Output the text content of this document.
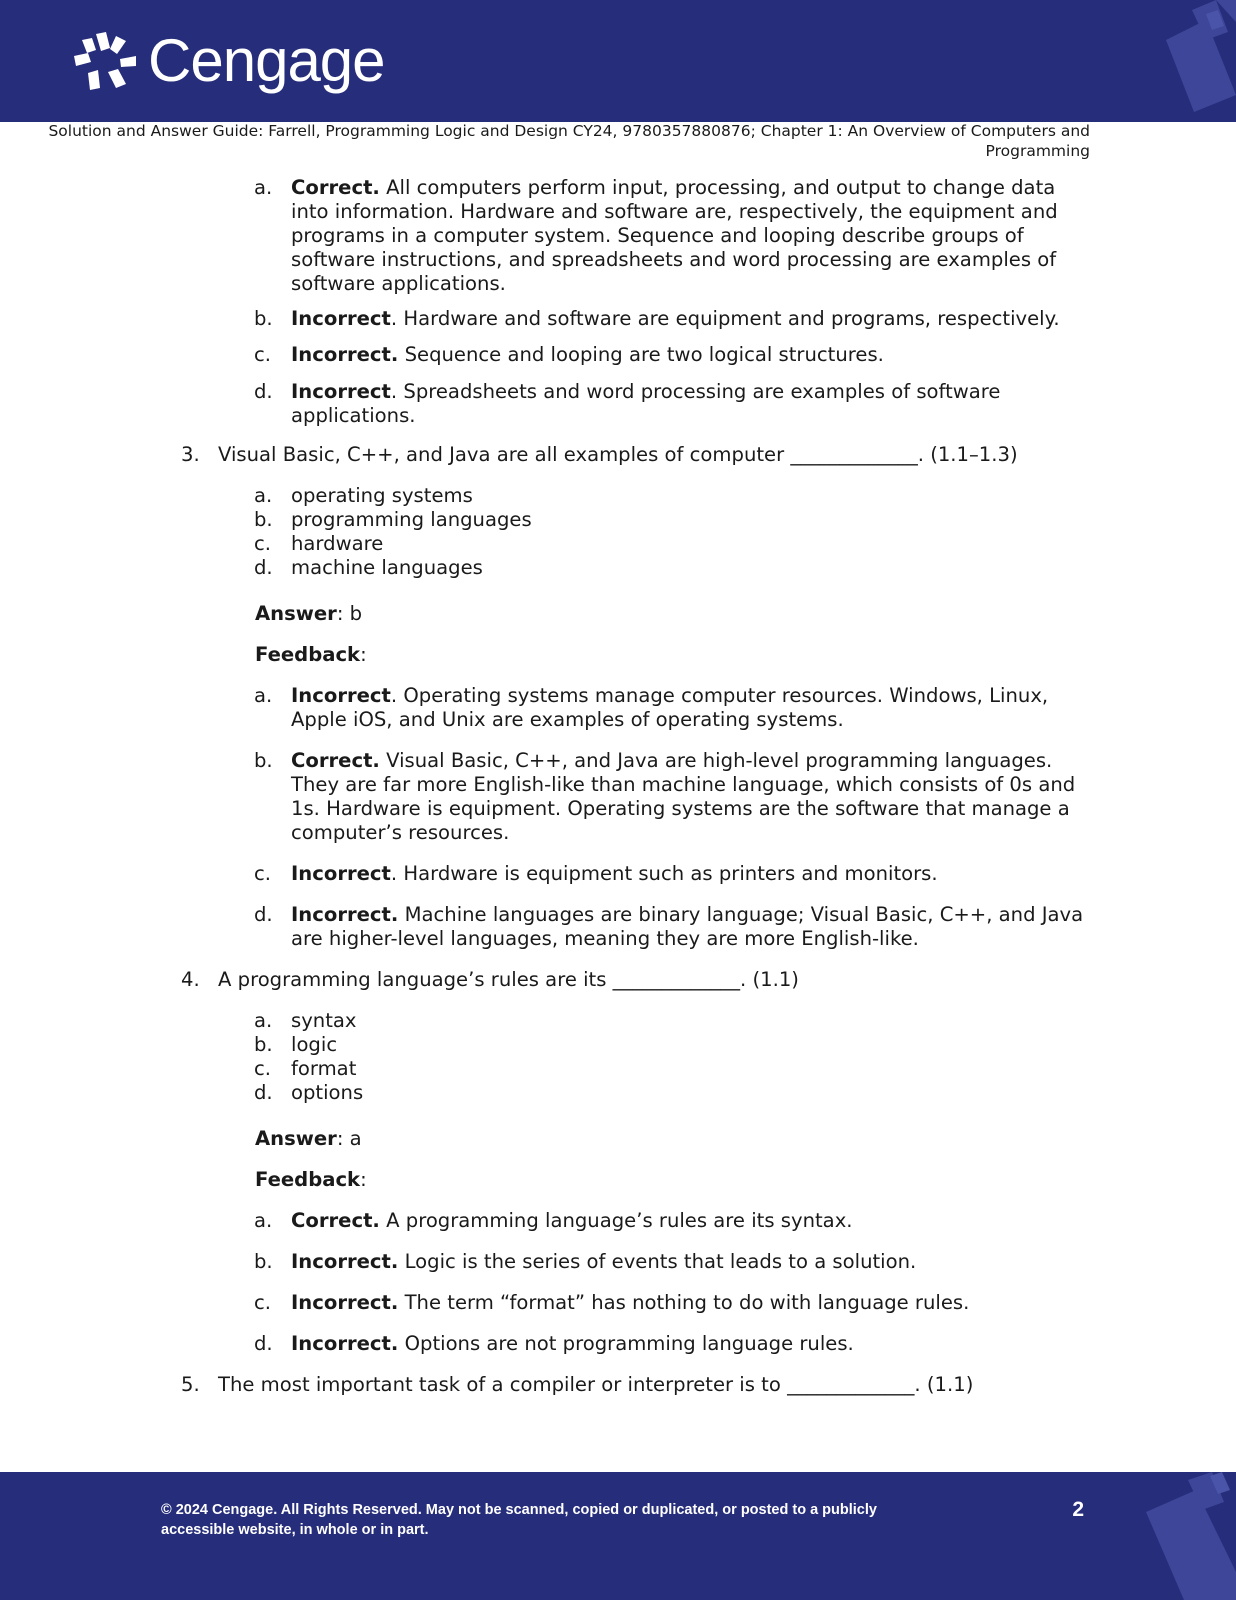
Cengage
Solution and Answer Guide: Farrell, Programming Logic and Design CY24, 9780357880876; Chapter 1: An Overview of Computers and Programming
a. Correct. All computers perform input, processing, and output to change data into information. Hardware and software are, respectively, the equipment and programs in a computer system. Sequence and looping describe groups of software instructions, and spreadsheets and word processing are examples of software applications.
b. Incorrect. Hardware and software are equipment and programs, respectively.
c. Incorrect. Sequence and looping are two logical structures.
d. Incorrect. Spreadsheets and word processing are examples of software applications.
3. Visual Basic, C++, and Java are all examples of computer _____________. (1.1–1.3)
a. operating systems
b. programming languages
c. hardware
d. machine languages
Answer: b
Feedback:
a. Incorrect. Operating systems manage computer resources. Windows, Linux, Apple iOS, and Unix are examples of operating systems.
b. Correct. Visual Basic, C++, and Java are high-level programming languages. They are far more English-like than machine language, which consists of 0s and 1s. Hardware is equipment. Operating systems are the software that manage a computer’s resources.
c. Incorrect. Hardware is equipment such as printers and monitors.
d. Incorrect. Machine languages are binary language; Visual Basic, C++, and Java are higher-level languages, meaning they are more English-like.
4. A programming language’s rules are its _____________. (1.1)
a. syntax
b. logic
c. format
d. options
Answer: a
Feedback:
a. Correct. A programming language’s rules are its syntax.
b. Incorrect. Logic is the series of events that leads to a solution.
c. Incorrect. The term “format” has nothing to do with language rules.
d. Incorrect. Options are not programming language rules.
5. The most important task of a compiler or interpreter is to _____________. (1.1)
© 2024 Cengage. All Rights Reserved. May not be scanned, copied or duplicated, or posted to a publicly accessible website, in whole or in part.
2
